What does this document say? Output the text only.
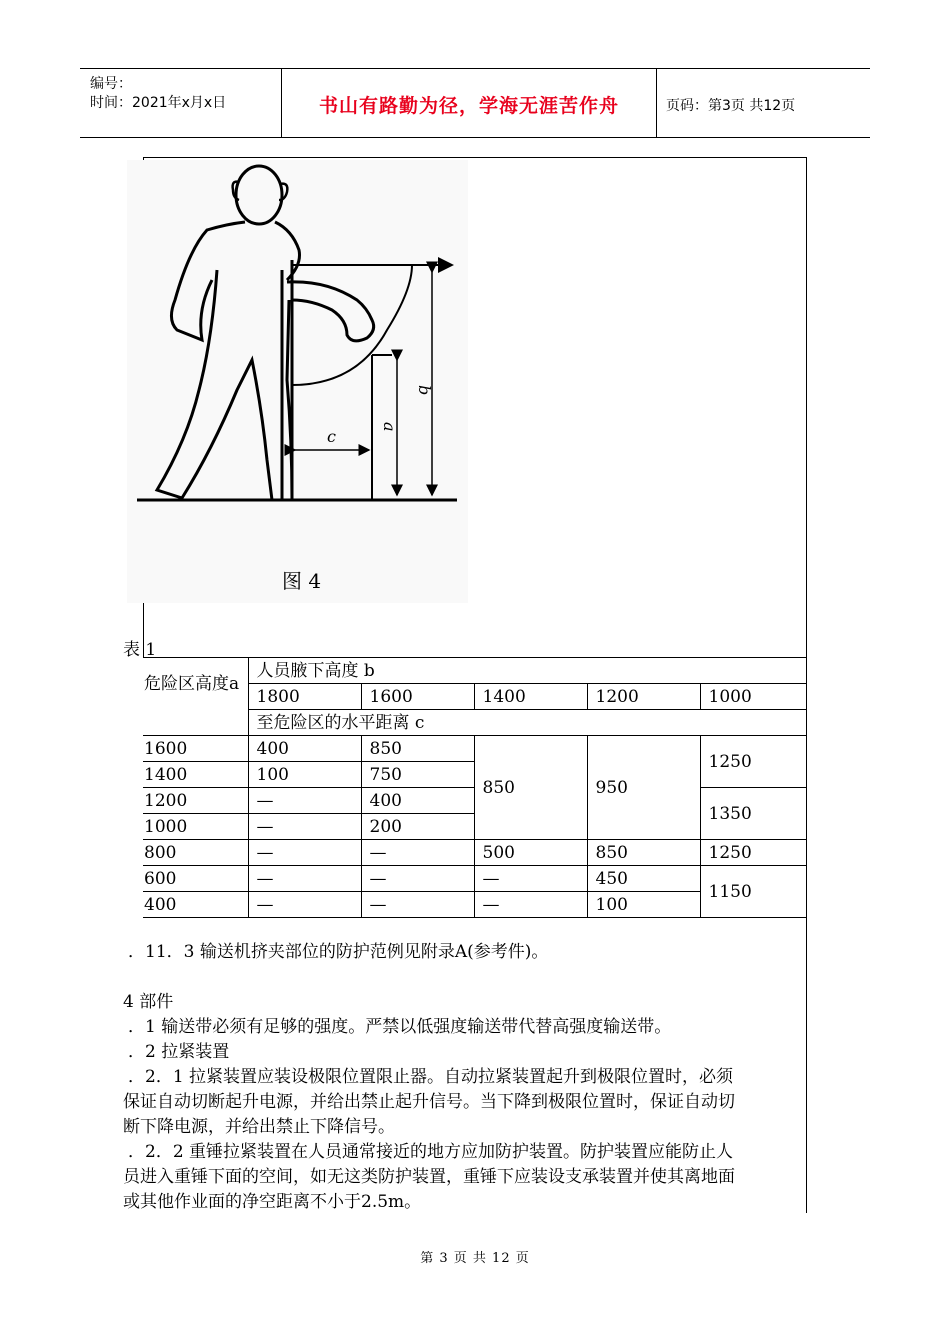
编号：
时间：2021年x月x日	书山有路勤为径，学海无涯苦作舟	页码：第3页 共12页
b
a
c
图 4
表 1
危险区高度a	人员腋下高度 b				
	1800	1600	1400	1200	1000
	至危险区的水平距离 c				
1600	400	850	850	950	1250
1400	100	750			
1200	—	400			1350
1000	—	200			
800	—	—	500	850	1250
600	—	—	—	450	1150
400	—	—	—	100	
．11．3 输送机挤夹部位的防护范例见附录A(参考件)。
4 部件
．1 输送带必须有足够的强度。严禁以低强度输送带代替高强度输送带。
．2 拉紧装置
．2．1 拉紧装置应装设极限位置限止器。自动拉紧装置起升到极限位置时，必须
保证自动切断起升电源，并给出禁止起升信号。当下降到极限位置时，保证自动切
断下降电源，并给出禁止下降信号。
．2．2 重锤拉紧装置在人员通常接近的地方应加防护装置。防护装置应能防止人
员进入重锤下面的空间，如无这类防护装置，重锤下应装设支承装置并使其离地面
或其他作业面的净空距离不小于2.5m。
第 3 页 共 12 页
